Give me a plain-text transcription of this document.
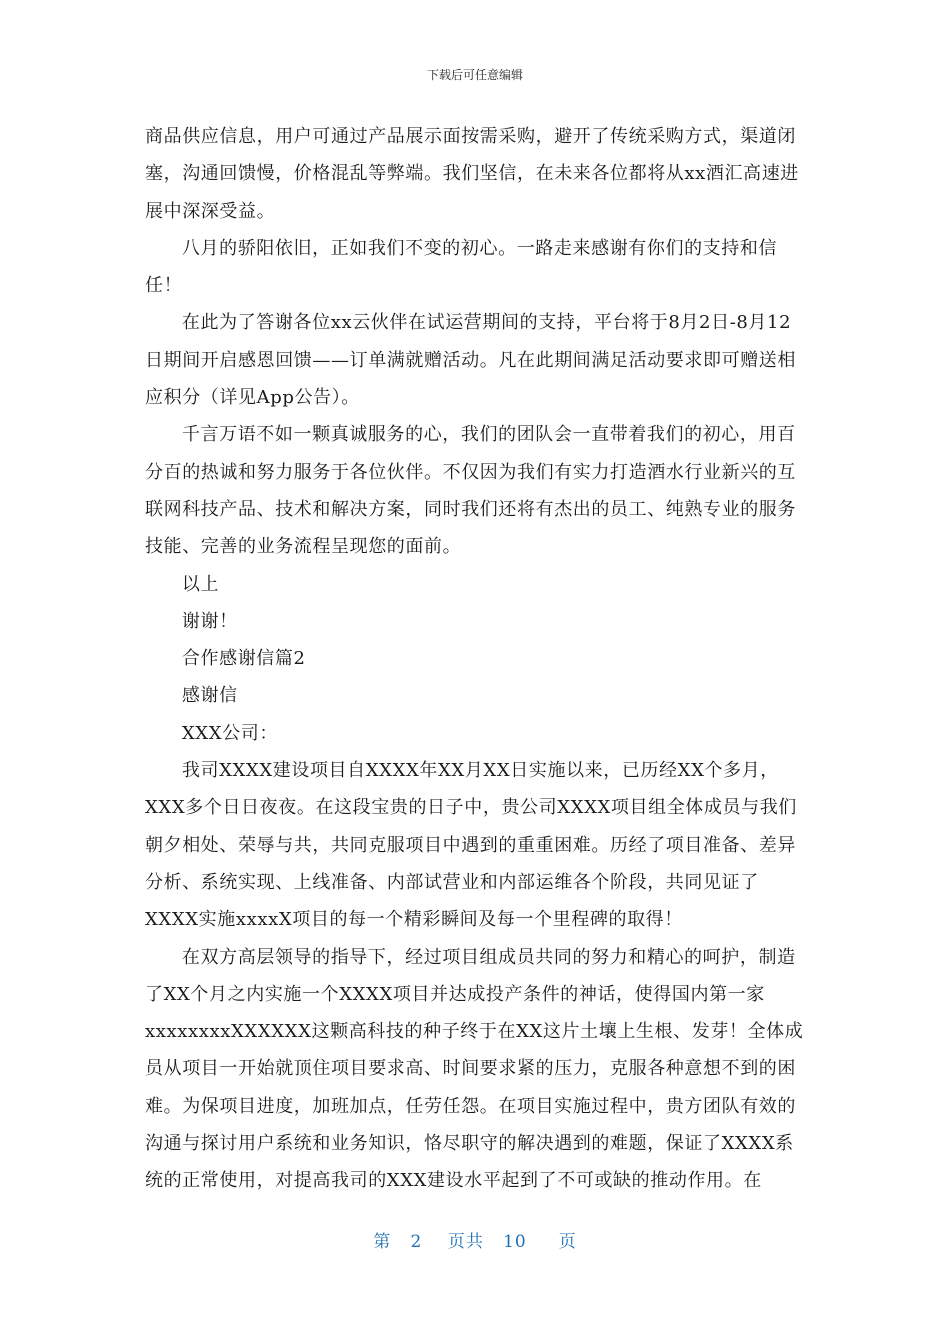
下载后可任意编辑

商品供应信息，用户可通过产品展示面按需采购，避开了传统采购方式，渠道闭塞，沟通回馈慢，价格混乱等弊端。我们坚信，在未来各位都将从xx酒汇高速进展中深深受益。

八月的骄阳依旧，正如我们不变的初心。一路走来感谢有你们的支持和信任！

在此为了答谢各位xx云伙伴在试运营期间的支持，平台将于8月2日-8月12日期间开启感恩回馈——订单满就赠活动。凡在此期间满足活动要求即可赠送相应积分（详见App公告）。

千言万语不如一颗真诚服务的心，我们的团队会一直带着我们的初心，用百分百的热诚和努力服务于各位伙伴。不仅因为我们有实力打造酒水行业新兴的互联网科技产品、技术和解决方案，同时我们还将有杰出的员工、纯熟专业的服务技能、完善的业务流程呈现您的面前。

以上

谢谢！

合作感谢信篇2

感谢信

XXX公司：

我司XXXX建设项目自XXXX年XX月XX日实施以来，已历经XX个多月，XXX多个日日夜夜。在这段宝贵的日子中，贵公司XXXX项目组全体成员与我们朝夕相处、荣辱与共，共同克服项目中遇到的重重困难。历经了项目准备、差异分析、系统实现、上线准备、内部试营业和内部运维各个阶段，共同见证了XXXX实施xxxxX项目的每一个精彩瞬间及每一个里程碑的取得！

在双方高层领导的指导下，经过项目组成员共同的努力和精心的呵护，制造了XX个月之内实施一个XXXX项目并达成投产条件的神话，使得国内第一家xxxxxxxxXXXXXX这颗高科技的种子终于在XX这片土壤上生根、发芽！全体成员从项目一开始就顶住项目要求高、时间要求紧的压力，克服各种意想不到的困难。为保项目进度，加班加点，任劳任怨。在项目实施过程中，贵方团队有效的沟通与探讨用户系统和业务知识，恪尽职守的解决遇到的难题，保证了XXXX系统的正常使用，对提高我司的XXX建设水平起到了不可或缺的推动作用。在

第 2 页共 10 页
